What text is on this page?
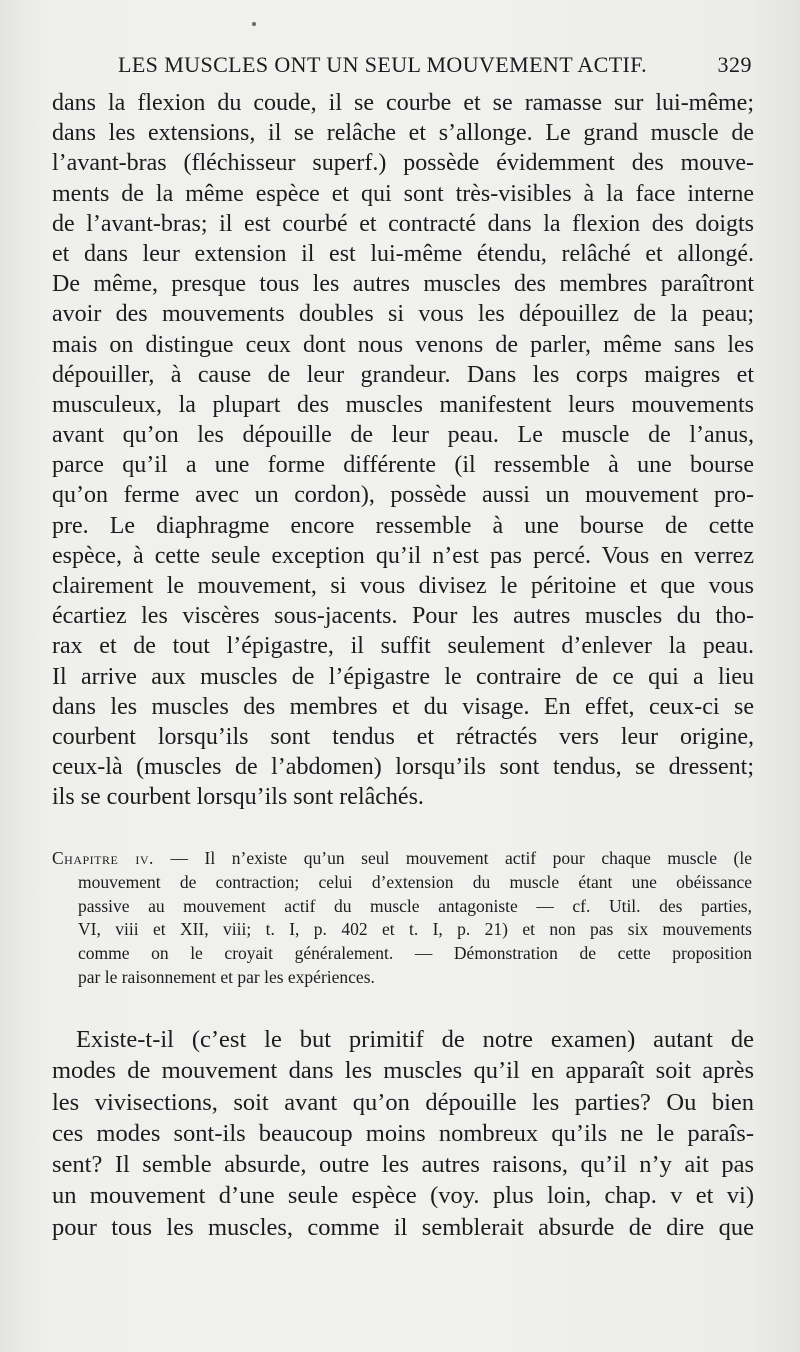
LES MUSCLES ONT UN SEUL MOUVEMENT ACTIF.	329
dans la flexion du coude, il se courbe et se ramasse sur lui-même;
dans les extensions, il se relâche et s’allonge. Le grand muscle de
l’avant-bras (fléchisseur superf.) possède évidemment des mouve-
ments de la même espèce et qui sont très-visibles à la face interne
de l’avant-bras; il est courbé et contracté dans la flexion des doigts
et dans leur extension il est lui-même étendu, relâché et allongé.
De même, presque tous les autres muscles des membres paraîtront
avoir des mouvements doubles si vous les dépouillez de la peau;
mais on distingue ceux dont nous venons de parler, même sans les
dépouiller, à cause de leur grandeur. Dans les corps maigres et
musculeux, la plupart des muscles manifestent leurs mouvements
avant qu’on les dépouille de leur peau. Le muscle de l’anus,
parce qu’il a une forme différente (il ressemble à une bourse
qu’on ferme avec un cordon), possède aussi un mouvement pro-
pre. Le diaphragme encore ressemble à une bourse de cette
espèce, à cette seule exception qu’il n’est pas percé. Vous en verrez
clairement le mouvement, si vous divisez le péritoine et que vous
écartiez les viscères sous-jacents. Pour les autres muscles du tho-
rax et de tout l’épigastre, il suffit seulement d’enlever la peau.
Il arrive aux muscles de l’épigastre le contraire de ce qui a lieu
dans les muscles des membres et du visage. En effet, ceux-ci se
courbent lorsqu’ils sont tendus et rétractés vers leur origine,
ceux-là (muscles de l’abdomen) lorsqu’ils sont tendus, se dressent;
ils se courbent lorsqu’ils sont relâchés.
Chapitre iv. — Il n’existe qu’un seul mouvement actif pour chaque muscle (le
mouvement de contraction; celui d’extension du muscle étant une obéissance
passive au mouvement actif du muscle antagoniste — cf. Util. des parties,
VI, viii et XII, viii; t. I, p. 402 et t. I, p. 21) et non pas six mouvements
comme on le croyait généralement. — Démonstration de cette proposition
par le raisonnement et par les expériences.
Existe-t-il (c’est le but primitif de notre examen) autant de
modes de mouvement dans les muscles qu’il en apparaît soit après
les vivisections, soit avant qu’on dépouille les parties? Ou bien
ces modes sont-ils beaucoup moins nombreux qu’ils ne le paraîs-
sent? Il semble absurde, outre les autres raisons, qu’il n’y ait pas
un mouvement d’une seule espèce (voy. plus loin, chap. v et vi)
pour tous les muscles, comme il semblerait absurde de dire que
